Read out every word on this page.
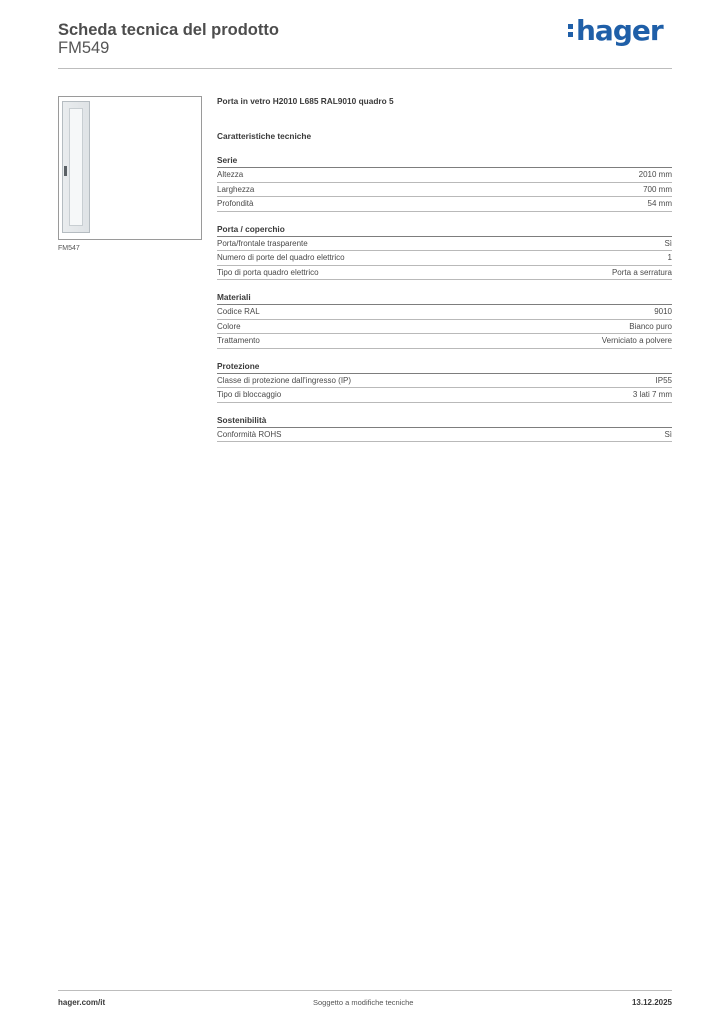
Scheda tecnica del prodotto
FM549
hager
FM547
Porta in vetro H2010 L685 RAL9010 quadro 5
Caratteristiche tecniche
Serie
Altezza	2010 mm
Larghezza	700 mm
Profondità	54 mm
Porta / coperchio
Porta/frontale trasparente	Sì
Numero di porte del quadro elettrico	1
Tipo di porta quadro elettrico	Porta a serratura
Materiali
Codice RAL	9010
Colore	Bianco puro
Trattamento	Verniciato a polvere
Protezione
Classe di protezione dall'ingresso (IP)	IP55
Tipo di bloccaggio	3 lati 7 mm
Sostenibilità
Conformità ROHS	Sì
hager.com/it	Soggetto a modifiche tecniche	13.12.2025
